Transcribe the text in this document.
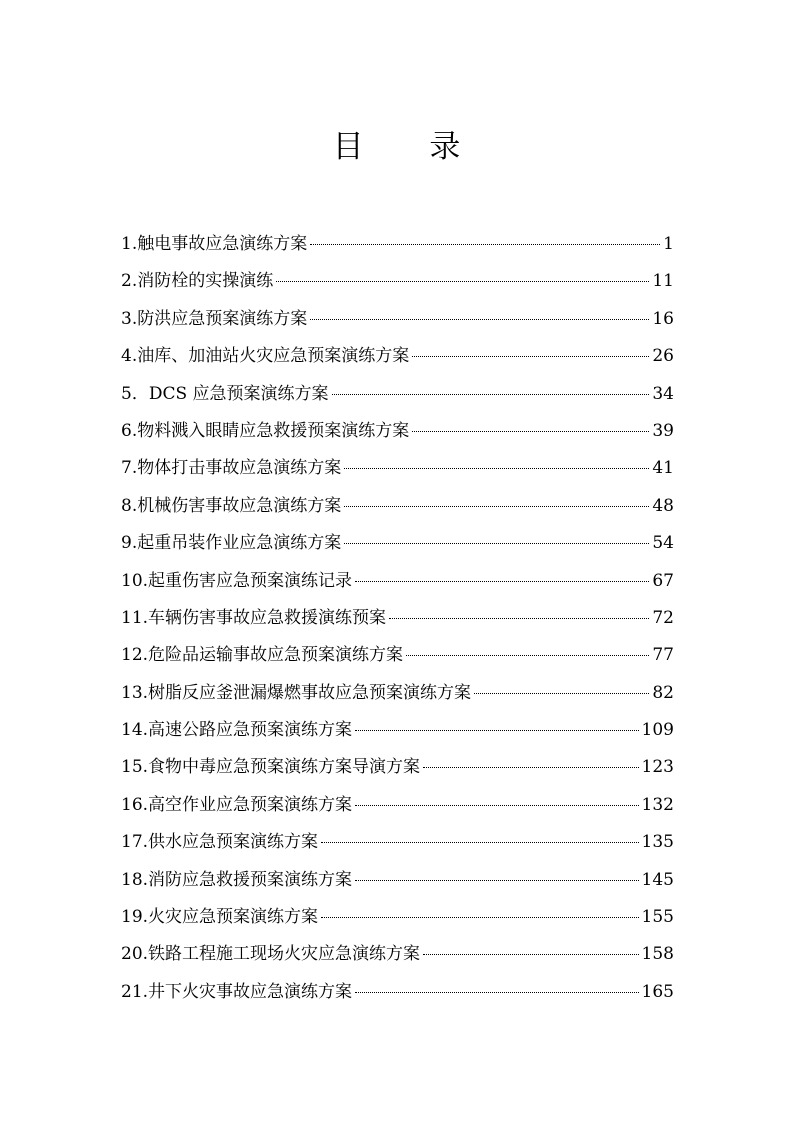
目 录
1.触电事故应急演练方案	1
2.消防栓的实操演练	11
3.防洪应急预案演练方案	16
4.油库、加油站火灾应急预案演练方案	26
5．DCS 应急预案演练方案	34
6.物料溅入眼睛应急救援预案演练方案	39
7.物体打击事故应急演练方案	41
8.机械伤害事故应急演练方案	48
9.起重吊装作业应急演练方案	54
10.起重伤害应急预案演练记录	67
11.车辆伤害事故应急救援演练预案	72
12.危险品运输事故应急预案演练方案	77
13.树脂反应釜泄漏爆燃事故应急预案演练方案	82
14.高速公路应急预案演练方案	109
15.食物中毒应急预案演练方案导演方案	123
16.高空作业应急预案演练方案	132
17.供水应急预案演练方案	135
18.消防应急救援预案演练方案	145
19.火灾应急预案演练方案	155
20.铁路工程施工现场火灾应急演练方案	158
21.井下火灾事故应急演练方案	165
